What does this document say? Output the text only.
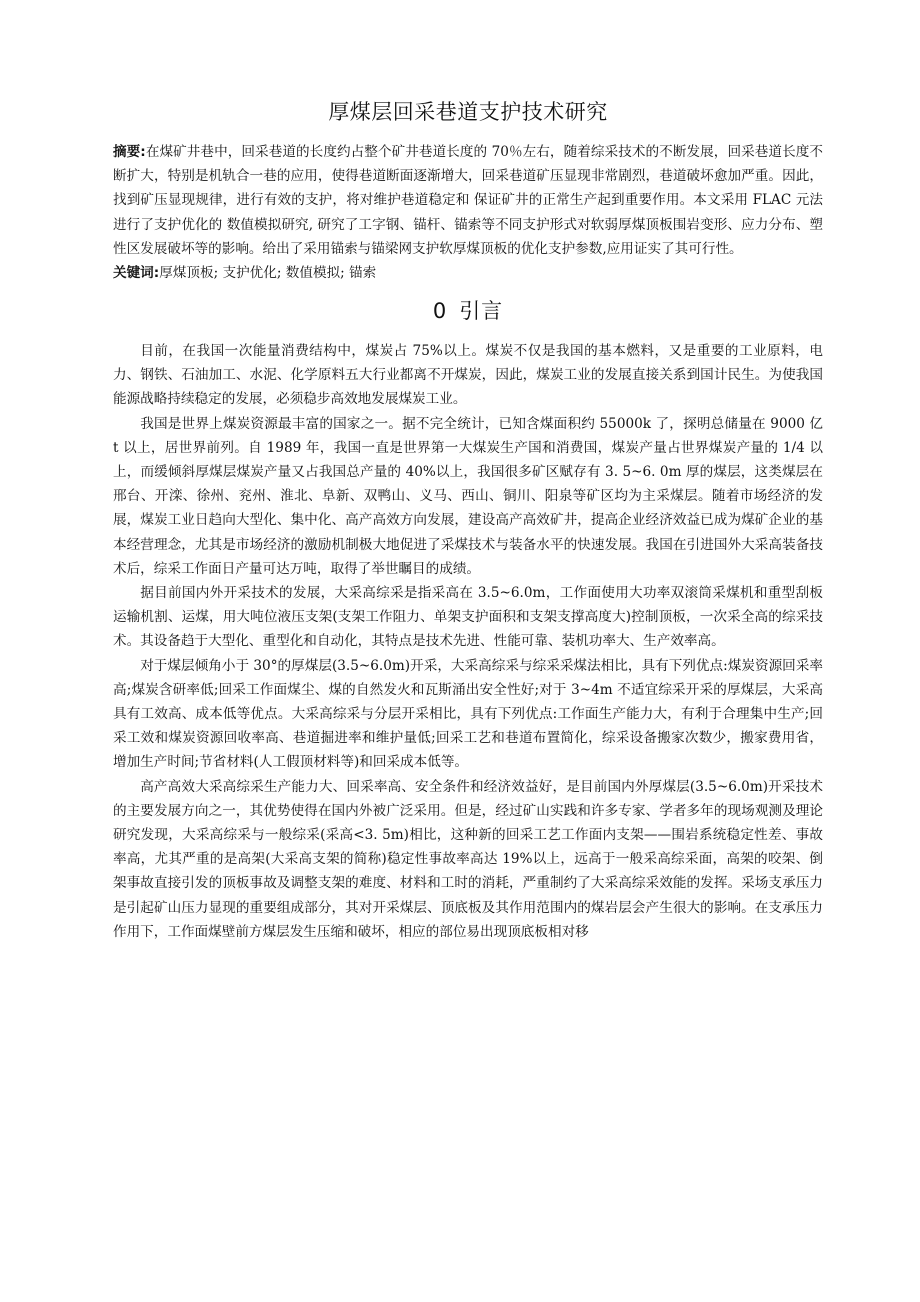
厚煤层回采巷道支护技术研究

摘要:在煤矿井巷中，回采巷道的长度约占整个矿井巷道长度的 70％左右，随着综采技术的不断发展，回采巷道长度不断扩大，特别是机轨合一巷的应用，使得巷道断面逐渐增大，回采巷道矿压显现非常剧烈，巷道破坏愈加严重。因此，找到矿压显现规律，进行有效的支护，将对维护巷道稳定和 保证矿井的正常生产起到重要作用。本文采用 FLAC 元法进行了支护优化的 数值模拟研究, 研究了工字钢、锚杆、锚索等不同支护形式对软弱厚煤顶板围岩变形、应力分布、塑性区发展破坏等的影响。给出了采用锚索与锚梁网支护软厚煤顶板的优化支护参数,应用证实了其可行性。

关键词:厚煤顶板; 支护优化; 数值模拟; 锚索

0 引言

目前，在我国一次能量消费结构中，煤炭占 75%以上。煤炭不仅是我国的基本燃料，又是重要的工业原料，电力、钢铁、石油加工、水泥、化学原料五大行业都离不开煤炭，因此，煤炭工业的发展直接关系到国计民生。为使我国能源战略持续稳定的发展，必须稳步高效地发展煤炭工业。

我国是世界上煤炭资源最丰富的国家之一。据不完全统计，已知含煤面积约 55000k 了，探明总储量在 9000 亿 t 以上，居世界前列。自 1989 年，我国一直是世界第一大煤炭生产国和消费国，煤炭产量占世界煤炭产量的 1/4 以上，而缓倾斜厚煤层煤炭产量又占我国总产量的 40%以上，我国很多矿区赋存有 3. 5~6. 0m 厚的煤层，这类煤层在邢台、开滦、徐州、兖州、淮北、阜新、双鸭山、义马、西山、铜川、阳泉等矿区均为主采煤层。随着市场经济的发展，煤炭工业日趋向大型化、集中化、高产高效方向发展，建设高产高效矿井，提高企业经济效益已成为煤矿企业的基本经营理念，尤其是市场经济的激励机制极大地促进了采煤技术与装备水平的快速发展。我国在引进国外大采高装备技术后，综采工作面日产量可达万吨，取得了举世瞩目的成绩。

据目前国内外开采技术的发展，大采高综采是指采高在 3.5~6.0m，工作面使用大功率双滚筒采煤机和重型刮板运输机割、运煤，用大吨位液压支架(支架工作阻力、单架支护面积和支架支撑高度大)控制顶板，一次采全高的综采技术。其设备趋于大型化、重型化和自动化，其特点是技术先进、性能可靠、装机功率大、生产效率高。

对于煤层倾角小于 30°的厚煤层(3.5~6.0m)开采，大采高综采与综采采煤法相比，具有下列优点:煤炭资源回采率高;煤炭含研率低;回采工作面煤尘、煤的自然发火和瓦斯涌出安全性好;对于 3~4m 不适宜综采开采的厚煤层，大采高具有工效高、成本低等优点。大采高综采与分层开采相比，具有下列优点:工作面生产能力大，有利于合理集中生产;回采工效和煤炭资源回收率高、巷道掘进率和维护量低;回采工艺和巷道布置简化，综采设备搬家次数少，搬家费用省，增加生产时间;节省材料(人工假顶材料等)和回采成本低等。

高产高效大采高综采生产能力大、回采率高、安全条件和经济效益好，是目前国内外厚煤层(3.5~6.0m)开采技术的主要发展方向之一，其优势使得在国内外被广泛采用。但是，经过矿山实践和许多专家、学者多年的现场观测及理论研究发现，大采高综采与一般综采(采高<3. 5m)相比，这种新的回采工艺工作面内支架——围岩系统稳定性差、事故率高，尤其严重的是高架(大采高支架的简称)稳定性事故率高达 19%以上，远高于一般采高综采面，高架的咬架、倒架事故直接引发的顶板事故及调整支架的难度、材料和工时的消耗，严重制约了大采高综采效能的发挥。采场支承压力是引起矿山压力显现的重要组成部分，其对开采煤层、顶底板及其作用范围内的煤岩层会产生很大的影响。在支承压力作用下，工作面煤壁前方煤层发生压缩和破坏，相应的部位易出现顶底板相对移
